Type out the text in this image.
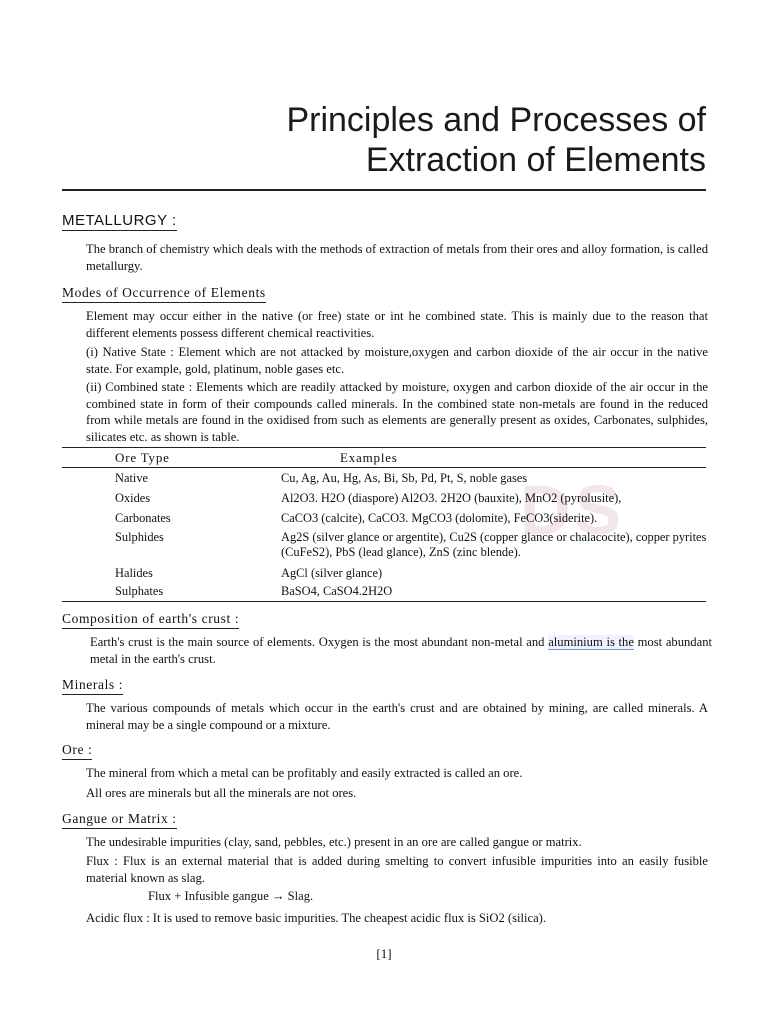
DS
Principles and Processes of
Extraction of Elements
METALLURGY :
The branch of chemistry which deals with the methods of extraction of metals from their ores and alloy formation, is called metallurgy.
Modes of Occurrence of Elements
Element may occur either in the native (or free) state or int he combined state. This is mainly due to the reason that different elements possess different chemical reactivities.
(i) Native State : Element which are not attacked by moisture,oxygen and carbon dioxide of the air occur in the native state. For example, gold, platinum, noble gases etc.
(ii) Combined state : Elements which are readily attacked by moisture, oxygen and carbon dioxide of the air occur in the combined state in form of their compounds called minerals. In the combined state non-metals are found in the reduced from while metals are found in the oxidised from such as elements are generally present as oxides, Carbonates, sulphides, silicates etc. as shown is table.
Ore Type	Examples
Native	Cu, Ag, Au, Hg, As, Bi, Sb, Pd, Pt, S, noble gases
Oxides	Al2O3. H2O (diaspore) Al2O3. 2H2O (bauxite), MnO2 (pyrolusite),
Carbonates	CaCO3 (calcite), CaCO3. MgCO3 (dolomite), FeCO3(siderite).
Sulphides	Ag2S (silver glance or argentite), Cu2S (copper glance or chalacocite), copper pyrites (CuFeS2), PbS (lead glance), ZnS (zinc blende).
Halides	AgCl (silver glance)
Sulphates	BaSO4, CaSO4.2H2O
Composition of earth's crust :
Earth's crust is the main source of elements. Oxygen is the most abundant non-metal and aluminium is the most abundant metal in the earth's crust.
Minerals :
The various compounds of metals which occur in the earth's crust and are obtained by mining, are called minerals. A mineral may be a single compound or a mixture.
Ore :
The mineral from which a metal can be profitably and easily extracted is called an ore.
All ores are minerals but all the minerals are not ores.
Gangue or Matrix :
The undesirable impurities (clay, sand, pebbles, etc.) present in an ore are called gangue or matrix.
Flux : Flux is an external material that is added during smelting to convert infusible impurities into an easily fusible material known as slag.
Flux + Infusible gangue → Slag.
Acidic flux : It is used to remove basic impurities. The cheapest acidic flux is SiO2 (silica).
[1]
